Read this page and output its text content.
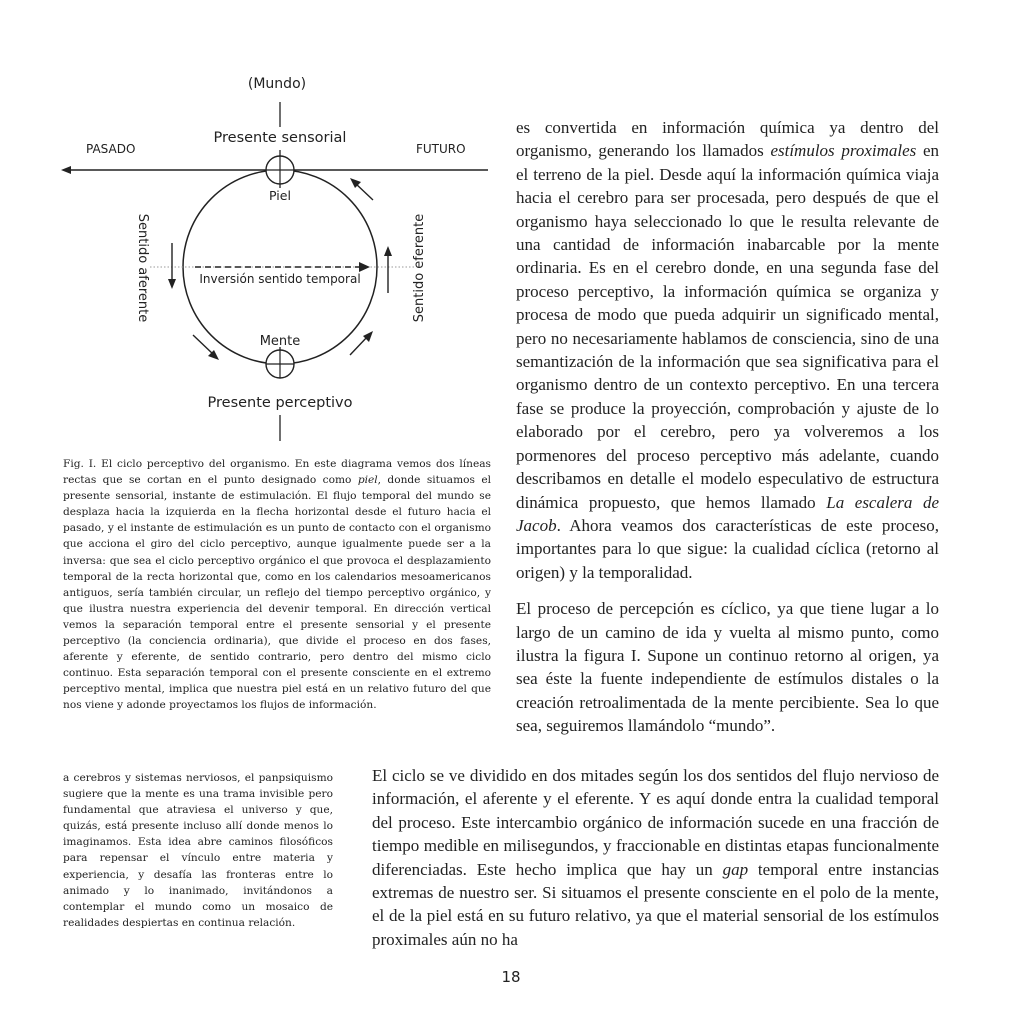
(Mundo)
Presente sensorial
PASADO	FUTURO
Piel
Inversión sentido temporal
Mente
Presente perceptivo
Sentido aferente	Sentido eferente

Fig. I. El ciclo perceptivo del organismo. En este diagrama vemos dos líneas rectas que se cortan en el punto designado como piel, donde situamos el presente sensorial, instante de estimulación. El flujo temporal del mundo se desplaza hacia la izquierda en la flecha horizontal desde el futuro hacia el pasado, y el instante de estimulación es un punto de contacto con el organismo que acciona el giro del ciclo perceptivo, aunque igualmente puede ser a la inversa: que sea el ciclo perceptivo orgánico el que provoca el desplazamiento temporal de la recta horizontal que, como en los calendarios mesoamericanos antiguos, sería también circular, un reflejo del tiempo perceptivo orgánico, y que ilustra nuestra experiencia del devenir temporal. En dirección vertical vemos la separación temporal entre el presente sensorial y el presente perceptivo (la conciencia ordinaria), que divide el proceso en dos fases, aferente y eferente, de sentido contrario, pero dentro del mismo ciclo continuo. Esta separación temporal con el presente consciente en el extremo perceptivo mental, implica que nuestra piel está en un relativo futuro del que nos viene y adonde proyectamos los flujos de información.

a cerebros y sistemas nerviosos, el panpsiquismo sugiere que la mente es una trama invisible pero fundamental que atraviesa el universo y que, quizás, está presente incluso allí donde menos lo imaginamos. Esta idea abre caminos filosóficos para repensar el vínculo entre materia y experiencia, y desafía las fronteras entre lo animado y lo inanimado, invitándonos a contemplar el mundo como un mosaico de realidades despiertas en continua relación.

es convertida en información química ya dentro del organismo, generando los llamados estímulos proximales en el terreno de la piel. Desde aquí la información química viaja hacia el cerebro para ser procesada, pero después de que el organismo haya seleccionado lo que le resulta relevante de una cantidad de información inabarcable por la mente ordinaria. Es en el cerebro donde, en una segunda fase del proceso perceptivo, la información química se organiza y procesa de modo que pueda adquirir un significado mental, pero no necesariamente hablamos de consciencia, sino de una semantización de la información que sea significativa para el organismo dentro de un contexto perceptivo. En una tercera fase se produce la proyección, comprobación y ajuste de lo elaborado por el cerebro, pero ya volveremos a los pormenores del proceso perceptivo más adelante, cuando describamos en detalle el modelo especulativo de estructura dinámica propuesto, que hemos llamado La escalera de Jacob. Ahora veamos dos características de este proceso, importantes para lo que sigue: la cualidad cíclica (retorno al origen) y la temporalidad.

El proceso de percepción es cíclico, ya que tiene lugar a lo largo de un camino de ida y vuelta al mismo punto, como ilustra la figura I. Supone un continuo retorno al origen, ya sea éste la fuente independiente de estímulos distales o la creación retroalimentada de la mente percibiente. Sea lo que sea, seguiremos llamándolo “mundo”.

El ciclo se ve dividido en dos mitades según los dos sentidos del flujo nervioso de información, el aferente y el eferente. Y es aquí donde entra la cualidad temporal del proceso. Este intercambio orgánico de información sucede en una fracción de tiempo medible en milisegundos, y fraccionable en distintas etapas funcionalmente diferenciadas. Este hecho implica que hay un gap temporal entre instancias extremas de nuestro ser. Si situamos el presente consciente en el polo de la mente, el de la piel está en su futuro relativo, ya que el material sensorial de los estímulos proximales aún no ha

18
